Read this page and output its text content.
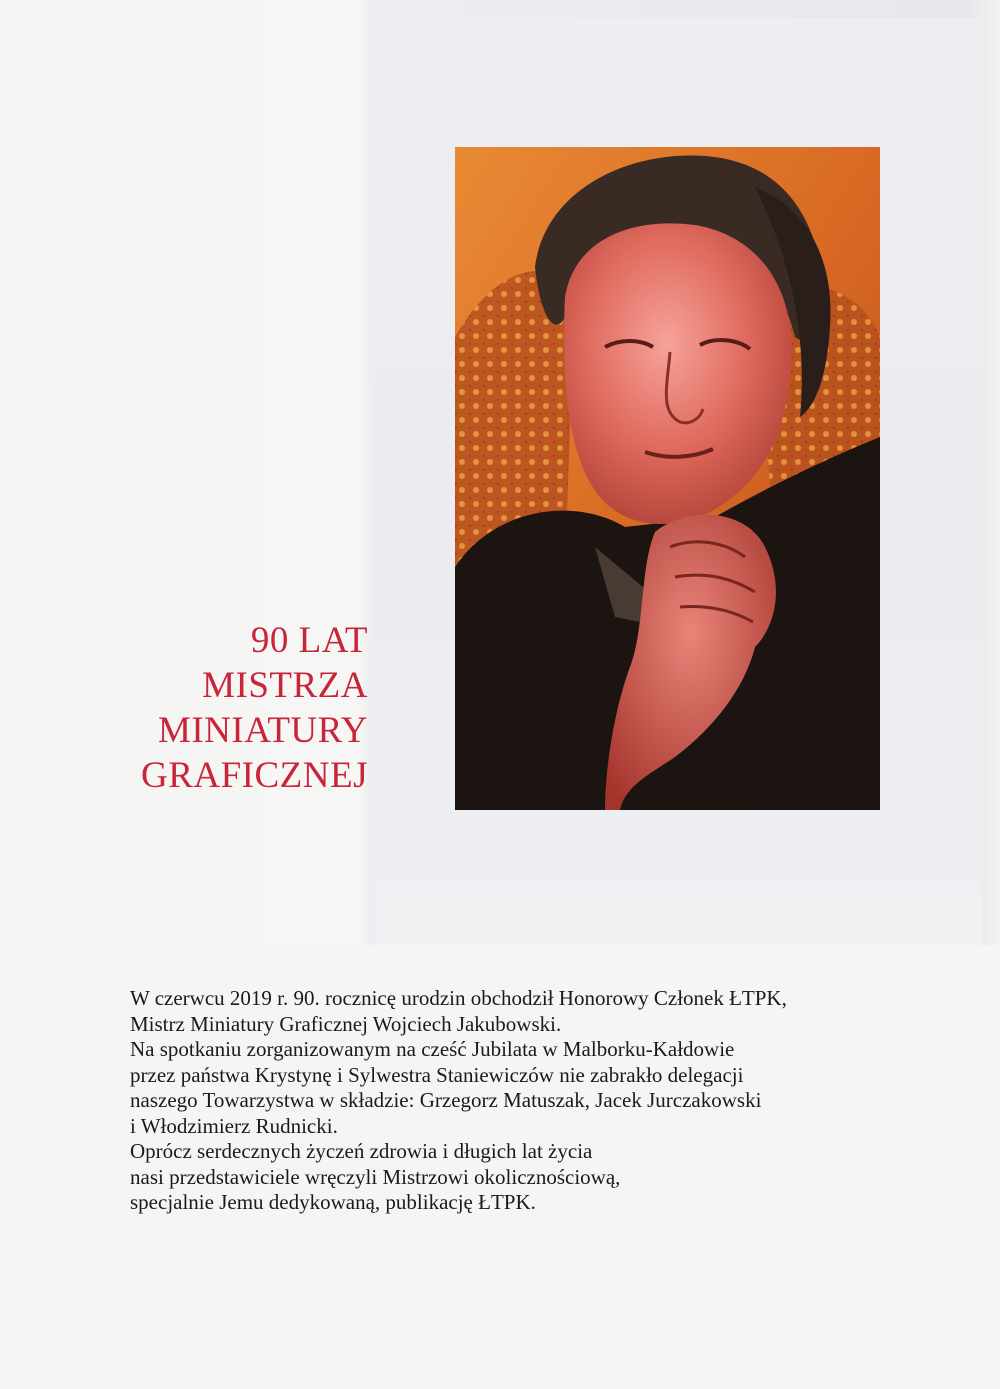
90 LAT
MISTRZA
MINIATURY
GRAFICZNEJ

W czerwcu 2019 r. 90. rocznicę urodzin obchodził Honorowy Członek ŁTPK,

Mistrz Miniatury Graficznej Wojciech Jakubowski.

Na spotkaniu zorganizowanym na cześć Jubilata w Malborku-Kałdowie

przez państwa Krystynę i Sylwestra Staniewiczów nie zabrakło delegacji

naszego Towarzystwa w składzie: Grzegorz Matuszak, Jacek Jurczakowski

i Włodzimierz Rudnicki.

Oprócz serdecznych życzeń zdrowia i długich lat życia

nasi przedstawiciele wręczyli Mistrzowi okolicznościową,

specjalnie Jemu dedykowaną, publikację ŁTPK.
